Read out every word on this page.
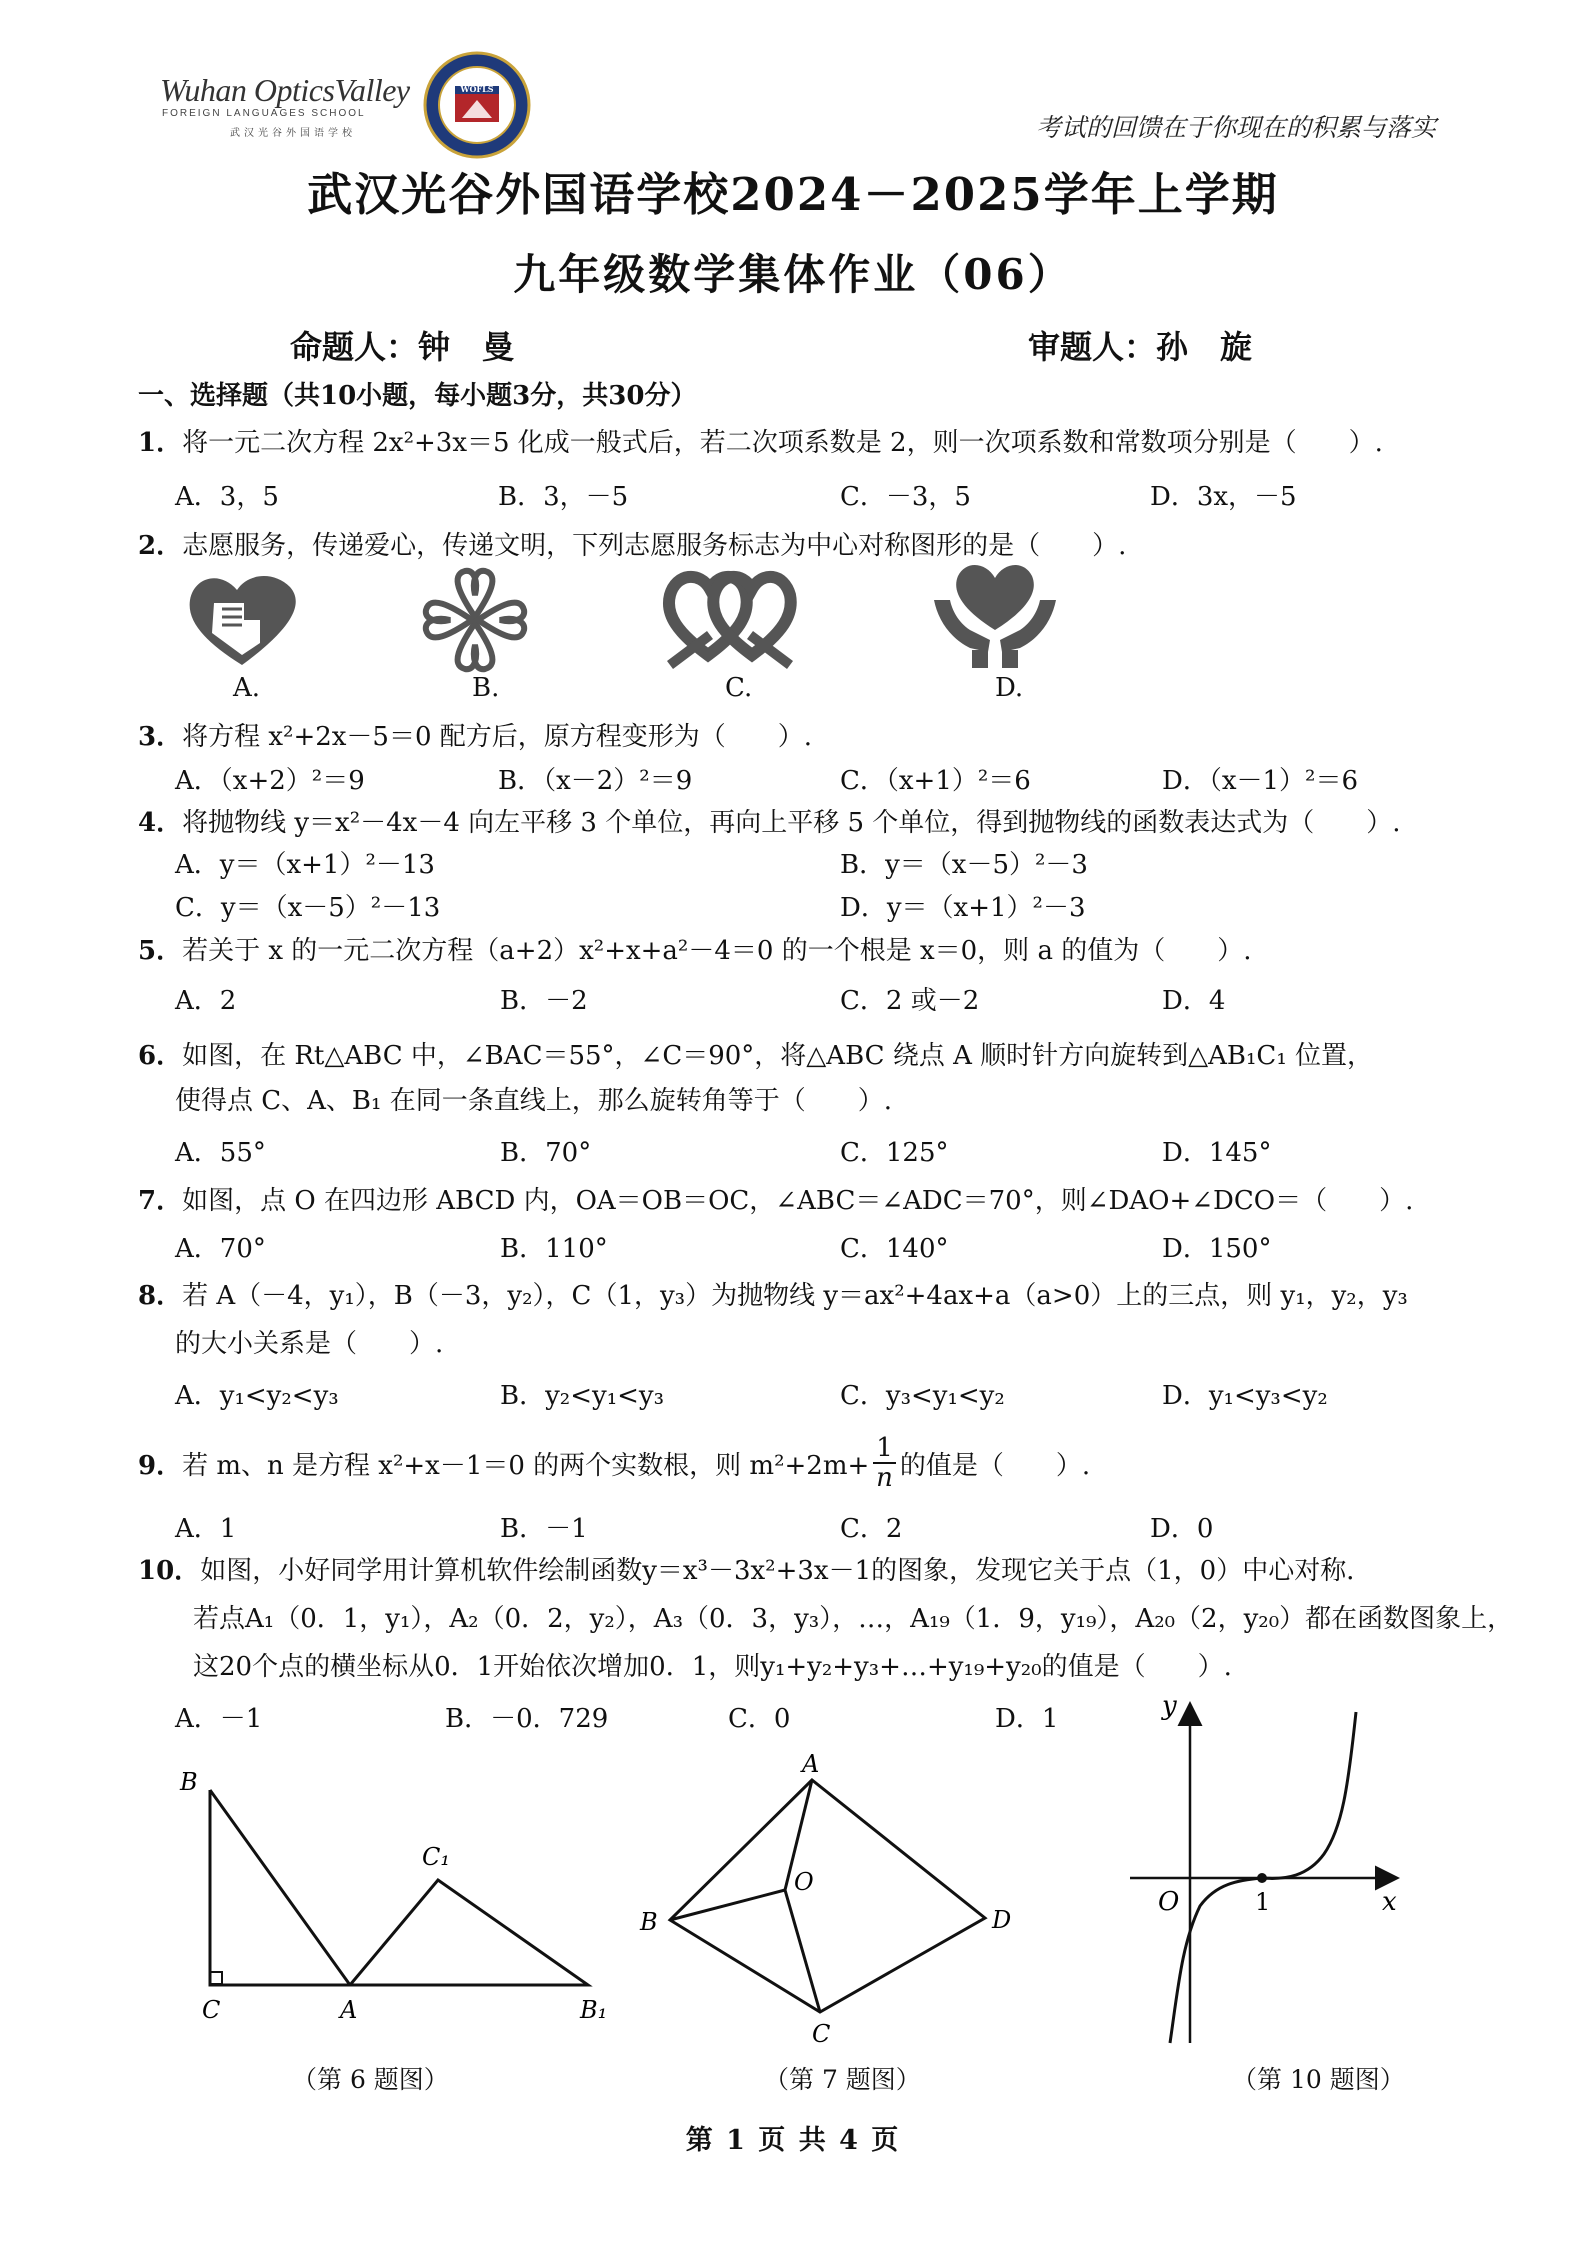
Wuhan OpticsValley
FOREIGN LANGUAGES SCHOOL
武汉光谷外国语学校
WOFLS
考试的回馈在于你现在的积累与落实
武汉光谷外国语学校2024－2025学年上学期
九年级数学集体作业（06）
命题人：钟　曼	审题人：孙　旋
一、选择题（共10小题，每小题3分，共30分）
1．将一元二次方程 2x²+3x＝5 化成一般式后，若二次项系数是 2，则一次项系数和常数项分别是（　　）.
A．3，5	B．3，－5	C．－3，5	D．3x，－5
2．志愿服务，传递爱心，传递文明，下列志愿服务标志为中心对称图形的是（　　）.
A.	B.	C.	D.
3．将方程 x²+2x－5＝0 配方后，原方程变形为（　　）.
A．（x+2）²＝9	B．（x－2）²＝9	C．（x+1）²＝6	D．（x－1）²＝6
4．将抛物线 y＝x²－4x－4 向左平移 3 个单位，再向上平移 5 个单位，得到抛物线的函数表达式为（　　）.
A．y＝（x+1）²－13	B．y＝（x－5）²－3
C．y＝（x－5）²－13	D．y＝（x+1）²－3
5．若关于 x 的一元二次方程（a+2）x²+x+a²－4＝0 的一个根是 x＝0，则 a 的值为（　　）.
A．2	B．－2	C．2 或－2	D．4
6．如图，在 Rt△ABC 中，∠BAC＝55°，∠C＝90°，将△ABC 绕点 A 顺时针方向旋转到△AB₁C₁ 位置，
使得点 C、A、B₁ 在同一条直线上，那么旋转角等于（　　）.
A．55°	B．70°	C．125°	D．145°
7．如图，点 O 在四边形 ABCD 内，OA＝OB＝OC，∠ABC＝∠ADC＝70°，则∠DAO+∠DCO＝（　　）.
A．70°	B．110°	C．140°	D．150°
8．若 A（－4，y₁），B（－3，y₂），C（1，y₃）为抛物线 y＝ax²+4ax+a（a>0）上的三点，则 y₁，y₂，y₃
的大小关系是（　　）.
A．y₁<y₂<y₃	B．y₂<y₁<y₃	C．y₃<y₁<y₂	D．y₁<y₃<y₂
9．若 m、n 是方程 x²+x－1＝0 的两个实数根，则 $m^2+2m+ \frac{1}{n}$ 的值是（　　）.
A．1	B．－1	C．2	D．0
10．如图，小好同学用计算机软件绘制函数y＝x³－3x²+3x－1的图象，发现它关于点（1，0）中心对称．
若点A₁（0．1，y₁），A₂（0．2，y₂），A₃（0．3，y₃），…，A₁₉（1．9，y₁₉），A₂₀（2，y₂₀）都在函数图象上，
这20个点的横坐标从0．1开始依次增加0．1，则y₁+y₂+y₃+…+y₁₉+y₂₀的值是（　　）.
A．－1	B．－0．729	C．0	D．1
B
C	A
C₁
B₁
（第 6 题图）
A
B
O
D
C
（第 7 题图）
y
O	1	x
（第 10 题图）
第 1 页 共 4 页
